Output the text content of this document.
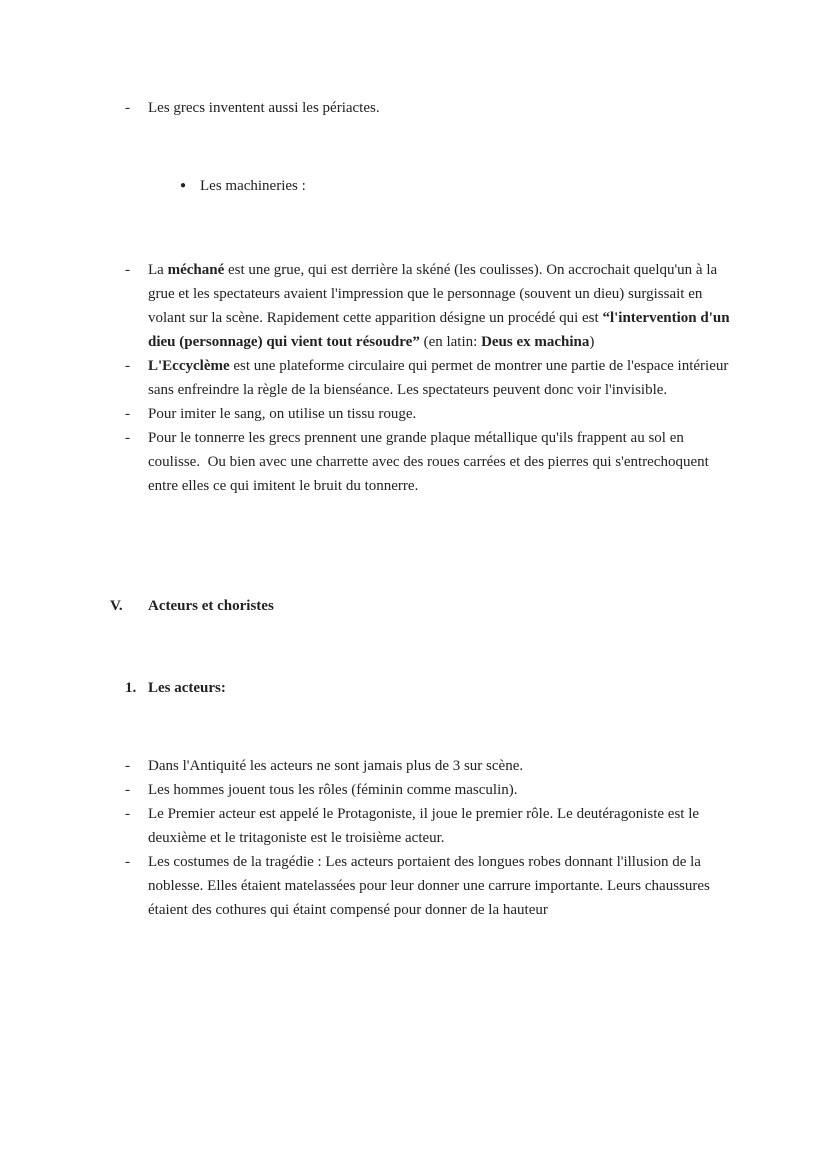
-	Les grecs inventent aussi les périactes.
● Les machineries :
-	La méchané est une grue, qui est derrière la skéné (les coulisses). On accrochait quelqu'un à la grue et les spectateurs avaient l'impression que le personnage (souvent un dieu) surgissait en volant sur la scène. Rapidement cette apparition désigne un procédé qui est “l'intervention d'un dieu (personnage) qui vient tout résoudre” (en latin: Deus ex machina)
-	L'Eccyclème est une plateforme circulaire qui permet de montrer une partie de l'espace intérieur sans enfreindre la règle de la bienséance. Les spectateurs peuvent donc voir l'invisible.
-	Pour imiter le sang, on utilise un tissu rouge.
-	Pour le tonnerre les grecs prennent une grande plaque métallique qu'ils frappent au sol en coulisse.  Ou bien avec une charrette avec des roues carrées et des pierres qui s'entrechoquent entre elles ce qui imitent le bruit du tonnerre.
V.	Acteurs et choristes
1. Les acteurs:
-	Dans l'Antiquité les acteurs ne sont jamais plus de 3 sur scène.
-	Les hommes jouent tous les rôles (féminin comme masculin).
-	Le Premier acteur est appelé le Protagoniste, il joue le premier rôle. Le deutéragoniste est le deuxième et le tritagoniste est le troisième acteur.
-	Les costumes de la tragédie : Les acteurs portaient des longues robes donnant l'illusion de la noblesse. Elles étaient matelassées pour leur donner une carrure importante. Leurs chaussures étaient des cothures qui étaint compensé pour donner de la hauteur
